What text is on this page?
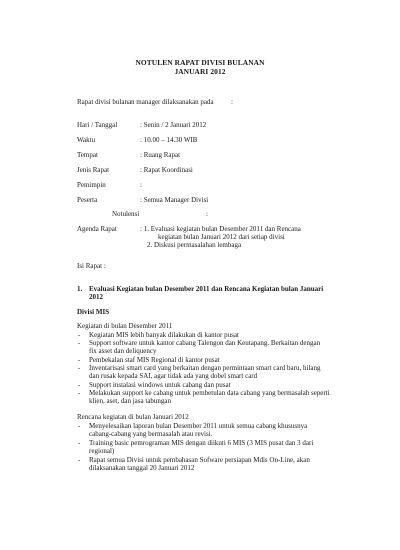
NOTULEN RAPAT DIVISI BULANAN
JANUARI 2012
Rapat divisi bulanan manager dilaksanakan pada :
Hari / Tanggal	: Senin / 2 Januari 2012
Waktu	: 10.00 – 14.30 WIB
Tempat	: Ruang Rapat
Jenis Rapat	: Rapat Koordinasi
Pemimpin	:
Peserta	: Semua Manager Divisi
Notulensi	:
Agenda Rapat	: 1. Evaluasi kegiatan bulan Desember 2011 dan Rencana
kegiatan bulan Januari 2012 dari setiap divisi
2. Diskusi permasalahan lembaga
Isi Rapat :
1. Evaluasi Kegiatan bulan Desember 2011 dan Rencana Kegiatan bulan Januari
2012
Divisi MIS
Kegiatan di bulan Desember 2011
- Kegiatan MIS lebih banyak dilakukan di kantor pusat
- Support software untuk kantor cabang Talengon dan Keutapang. Berkaitan dengan
fix asset dan deliquency
- Pembekalan staf MIS Regional di kantor pusat
- Inventarisasi smart card yang berkaitan dengan permintaan smart card baru, hilang
dan rusak kepada SAI, agar tidak ada yang dobel smart card
- Support instalasi windows untuk cabang dan pusat
- Melakukan support ke cabang untuk pembetulan data cabang yang bermasalah seperti
klien, aset, dan jasa tabungan
Rencana kegiatan di bulan Januari 2012
- Menyelesaikan laporan bulan Desember 2011 untuk semua cabang khususnya
cabang-cabang yang bermasalah atau revisi.
- Training basic pemrograman MIS dengan diikuti 6 MIS (3 MIS pusat dan 3 dari
regional)
- Rapat semua Divisi untuk pembahasan Sofware persiapan Mdis On-Line, akan
dilaksanakan tanggal 20 Januari 2012
